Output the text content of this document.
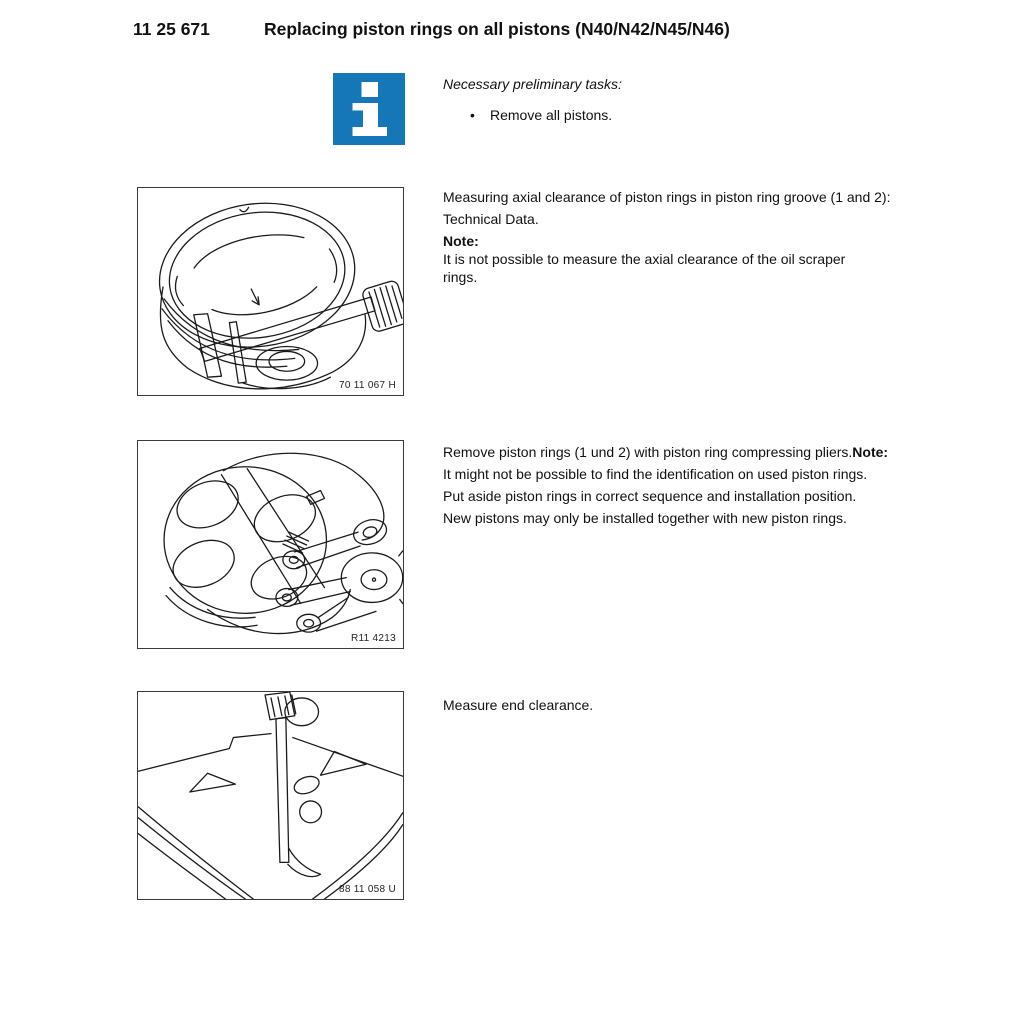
11 25 671	Replacing piston rings on all pistons (N40/N42/N45/N46)
Necessary preliminary tasks:
• Remove all pistons.
70 11 067 H

Measuring axial clearance of piston rings in piston ring groove (1 and 2):

Technical Data.

Note:

It is not possible to measure the axial clearance of the oil scraper rings.

R11 4213

Remove piston rings (1 und 2) with piston ring compressing pliers.Note:

It might not be possible to find the identification on used piston rings.

Put aside piston rings in correct sequence and installation position.

New pistons may only be installed together with new piston rings.

88 11 058 U

Measure end clearance.
